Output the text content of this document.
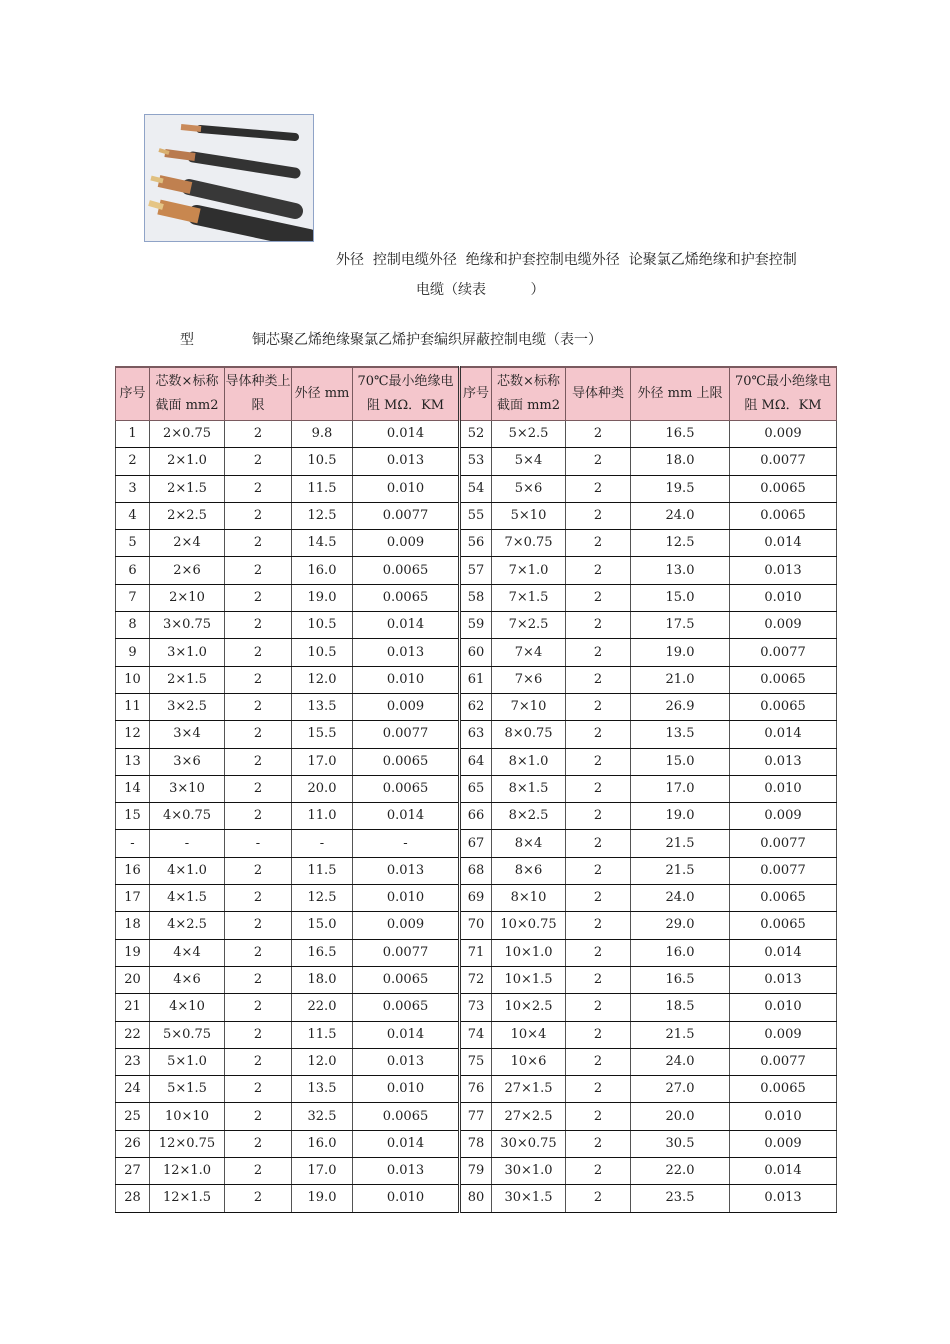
外径  控制电缆外径  绝缘和护套控制电缆外径  论聚氯乙烯绝缘和护套控制
电缆（续表          ）
型	铜芯聚乙烯绝缘聚氯乙烯护套编织屏蔽控制电缆（表一）
序号	芯数×标称截面 mm2	导体种类上限	外径 mm	70℃最小绝缘电阻 MΩ．KM	序号	芯数×标称截面 mm2	导体种类	外径 mm 上限	70℃最小绝缘电阻 MΩ．KM
1	2×0.75	2	9.8	0.014	52	5×2.5	2	16.5	0.009
2	2×1.0	2	10.5	0.013	53	5×4	2	18.0	0.0077
3	2×1.5	2	11.5	0.010	54	5×6	2	19.5	0.0065
4	2×2.5	2	12.5	0.0077	55	5×10	2	24.0	0.0065
5	2×4	2	14.5	0.009	56	7×0.75	2	12.5	0.014
6	2×6	2	16.0	0.0065	57	7×1.0	2	13.0	0.013
7	2×10	2	19.0	0.0065	58	7×1.5	2	15.0	0.010
8	3×0.75	2	10.5	0.014	59	7×2.5	2	17.5	0.009
9	3×1.0	2	10.5	0.013	60	7×4	2	19.0	0.0077
10	2×1.5	2	12.0	0.010	61	7×6	2	21.0	0.0065
11	3×2.5	2	13.5	0.009	62	7×10	2	26.9	0.0065
12	3×4	2	15.5	0.0077	63	8×0.75	2	13.5	0.014
13	3×6	2	17.0	0.0065	64	8×1.0	2	15.0	0.013
14	3×10	2	20.0	0.0065	65	8×1.5	2	17.0	0.010
15	4×0.75	2	11.0	0.014	66	8×2.5	2	19.0	0.009
-	-	-	-	-	67	8×4	2	21.5	0.0077
16	4×1.0	2	11.5	0.013	68	8×6	2	21.5	0.0077
17	4×1.5	2	12.5	0.010	69	8×10	2	24.0	0.0065
18	4×2.5	2	15.0	0.009	70	10×0.75	2	29.0	0.0065
19	4×4	2	16.5	0.0077	71	10×1.0	2	16.0	0.014
20	4×6	2	18.0	0.0065	72	10×1.5	2	16.5	0.013
21	4×10	2	22.0	0.0065	73	10×2.5	2	18.5	0.010
22	5×0.75	2	11.5	0.014	74	10×4	2	21.5	0.009
23	5×1.0	2	12.0	0.013	75	10×6	2	24.0	0.0077
24	5×1.5	2	13.5	0.010	76	27×1.5	2	27.0	0.0065
25	10×10	2	32.5	0.0065	77	27×2.5	2	20.0	0.010
26	12×0.75	2	16.0	0.014	78	30×0.75	2	30.5	0.009
27	12×1.0	2	17.0	0.013	79	30×1.0	2	22.0	0.014
28	12×1.5	2	19.0	0.010	80	30×1.5	2	23.5	0.013
